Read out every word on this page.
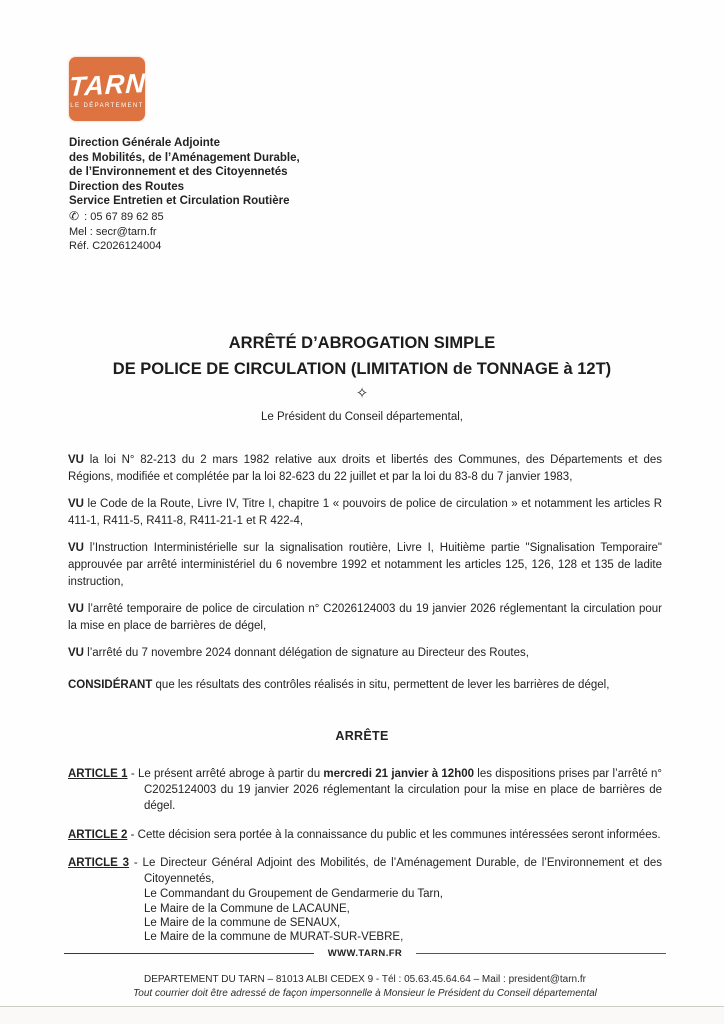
TARN
LE DÉPARTEMENT
Direction Générale Adjointe
des Mobilités, de l’Aménagement Durable,
de l’Environnement et des Citoyennetés
Direction des Routes
Service Entretien et Circulation Routière
✆ : 05 67 89 62 85
Mel : secr@tarn.fr
Réf. C2026124004
ARRÊTÉ D’ABROGATION SIMPLE
DE POLICE DE CIRCULATION (LIMITATION de TONNAGE à 12T)
✧
Le Président du Conseil départemental,

VU la loi N° 82-213 du 2 mars 1982 relative aux droits et libertés des Communes, des Départements et des Régions, modifiée et complétée par la loi 82-623 du 22 juillet et par la loi du 83-8 du 7 janvier 1983,

VU le Code de la Route, Livre IV, Titre I, chapitre 1 « pouvoirs de police de circulation » et notamment les articles R 411-1, R411-5, R411-8, R411-21-1 et R 422-4,

VU l’Instruction Interministérielle sur la signalisation routière, Livre I, Huitième partie "Signalisation Temporaire" approuvée par arrêté interministériel du 6 novembre 1992 et notamment les articles 125, 126, 128 et 135 de ladite instruction,

VU l’arrêté temporaire de police de circulation n° C2026124003 du 19 janvier 2026 réglementant la circulation pour la mise en place de barrières de dégel,

VU l’arrêté du 7 novembre 2024 donnant délégation de signature au Directeur des Routes,

CONSIDÉRANT que les résultats des contrôles réalisés in situ, permettent de lever les barrières de dégel,

ARRÊTE

ARTICLE 1 - Le présent arrêté abroge à partir du mercredi 21 janvier à 12h00 les dispositions prises par l’arrêté n° C2025124003 du 19 janvier 2026 réglementant la circulation pour la mise en place de barrières de dégel.

ARTICLE 2 - Cette décision sera portée à la connaissance du public et les communes intéressées seront informées.

ARTICLE 3 - Le Directeur Général Adjoint des Mobilités, de l’Aménagement Durable, de l’Environnement et des Citoyennetés,

Le Commandant du Groupement de Gendarmerie du Tarn,
Le Maire de la Commune de LACAUNE,
Le Maire de la commune de SENAUX,
Le Maire de la commune de MURAT-SUR-VEBRE,
WWW.TARN.FR
DEPARTEMENT DU TARN – 81013 ALBI CEDEX 9 - Tél : 05.63.45.64.64 – Mail : president@tarn.fr
Tout courrier doit être adressé de façon impersonnelle à Monsieur le Président du Conseil départemental
